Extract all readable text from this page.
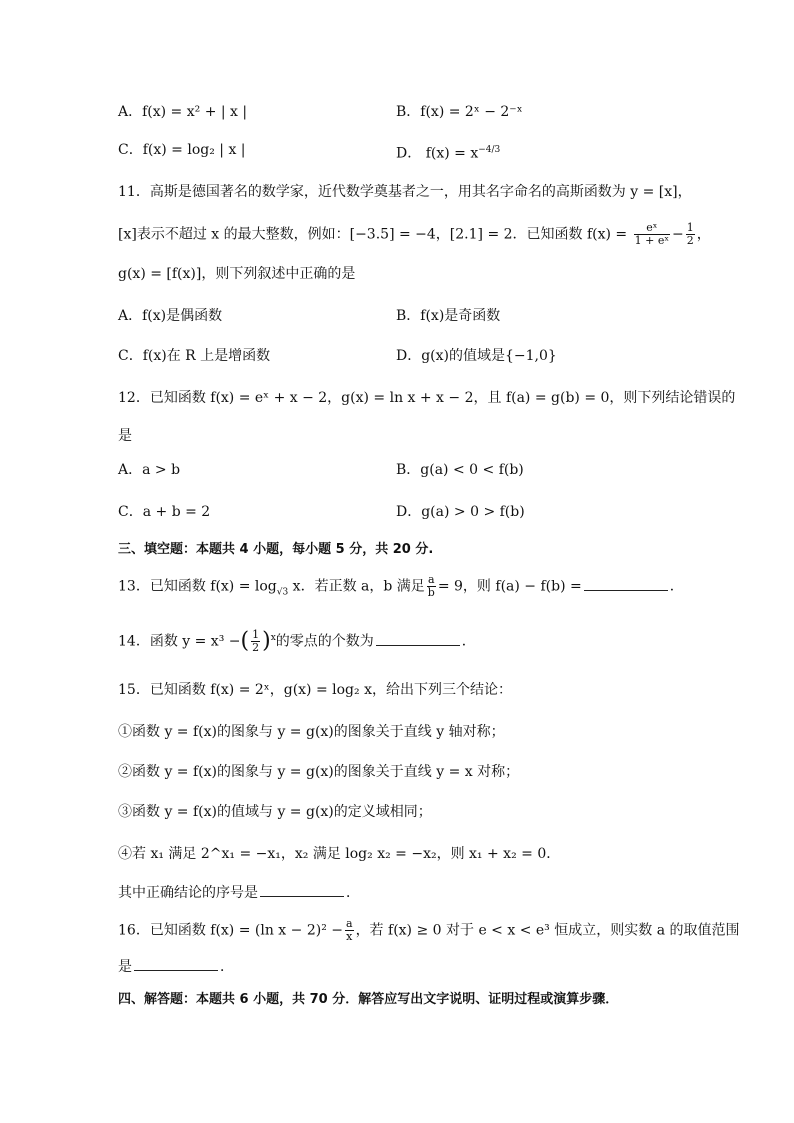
A．f(x) = x² + | x |	B．f(x) = 2ˣ − 2⁻ˣ
C．f(x) = log₂ | x |	D． $f(x) = x^{-4/3}$
11．高斯是德国著名的数学家，近代数学奠基者之一，用其名字命名的高斯函数为 y = [x]，
[x]表示不超过 x 的最大整数，例如：[−3.5] = −4，[2.1] = 2．已知函数 $f(x) = \frac{\text{eˣ}}{\text{1 + eˣ}} - \frac{1}{2}$ ，
g(x) = [f(x)]，则下列叙述中正确的是
A．f(x)是偶函数	B．f(x)是奇函数
C．f(x)在 R 上是增函数	D．g(x)的值域是{−1,0}
12．已知函数 f(x) = eˣ + x − 2，g(x) = ln x + x − 2，且 f(a) = g(b) = 0，则下列结论错误的
是
A．a > b	B．g(a) < 0 < f(b)
C．a + b = 2	D．g(a) > 0 > f(b)
三、填空题：本题共 4 小题，每小题 5 分，共 20 分.
13．已知函数 $f(x) = \log_{√3} x$．若正数 a，b 满足 $\frac{a}{b} = 9$，则 f(a) − f(b) =	．
14．函数 y = x³ −( $\frac{1}{2} )^x$的零点的个数为	．
15．已知函数 f(x) = 2ˣ，g(x) = log₂ x，给出下列三个结论：
①函数 y = f(x)的图象与 y = g(x)的图象关于直线 y 轴对称；
②函数 y = f(x)的图象与 y = g(x)的图象关于直线 y = x 对称；
③函数 y = f(x)的值域与 y = g(x)的定义域相同；
④若 x₁ 满足 2^x₁ = −x₁，x₂ 满足 log₂ x₂ = −x₂，则 x₁ + x₂ = 0．
其中正确结论的序号是	．
16．已知函数 f(x) = (ln $x - 2)^2 - \frac{a}{x}$ ，若 f(x) ≥ 0 对于 e < x < e³ 恒成立，则实数 a 的取值范围
是	．
四、解答题：本题共 6 小题，共 70 分．解答应写出文字说明、证明过程或演算步骤．
